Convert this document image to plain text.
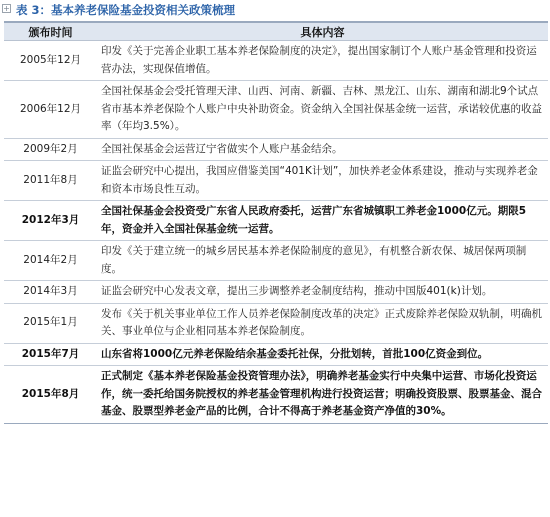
+ 表 3：基本养老保险基金投资相关政策梳理
颁布时间	具体内容
2005年12月	印发《关于完善企业职工基本养老保险制度的决定》，提出国家制订个人账户基金管理和投资运营办法，实现保值增值。
2006年12月	全国社保基金会受托管理天津、山西、河南、新疆、吉林、黑龙江、山东、湖南和湖北9个试点省市基本养老保险个人账户中央补助资金。资金纳入全国社保基金统一运营，承诺较优惠的收益率（年均3.5%）。
2009年2月	全国社保基金会运营辽宁省做实个人账户基金结余。
2011年8月	证监会研究中心提出，我国应借鉴美国“401K计划”，加快养老金体系建设，推动与实现养老金和资本市场良性互动。
2012年3月	全国社保基金会投资受广东省人民政府委托，运营广东省城镇职工养老金1000亿元。期限5年，资金并入全国社保基金统一运营。
2014年2月	印发《关于建立统一的城乡居民基本养老保险制度的意见》，有机整合新农保、城居保两项制度。
2014年3月	证监会研究中心发表文章，提出三步调整养老金制度结构，推动中国版401(k)计划。
2015年1月	发布《关于机关事业单位工作人员养老保险制度改革的决定》正式废除养老保险双轨制，明确机关、事业单位与企业相同基本养老保险制度。
2015年7月	山东省将1000亿元养老保险结余基金委托社保，分批划转，首批100亿资金到位。
2015年8月	正式制定《基本养老保险基金投资管理办法》，明确养老基金实行中央集中运营、市场化投资运作，统一委托给国务院授权的养老基金管理机构进行投资运营；明确投资股票、股票基金、混合基金、股票型养老金产品的比例，合计不得高于养老基金资产净值的30%。
